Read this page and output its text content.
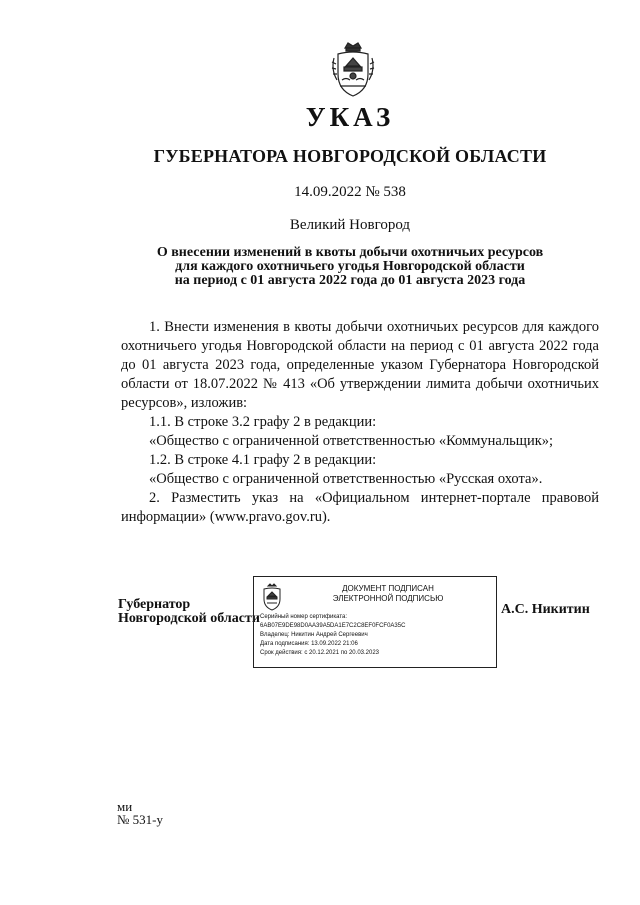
УКАЗ
ГУБЕРНАТОРА НОВГОРОДСКОЙ ОБЛАСТИ
14.09.2022 № 538
Великий Новгород
О внесении изменений в квоты добычи охотничьих ресурсов
для каждого охотничьего угодья Новгородской области
на период с 01 августа 2022 года до 01 августа 2023 года

1. Внести изменения в квоты добычи охотничьих ресурсов для каждого охотничьего угодья Новгородской области на период с 01 августа 2022 года до 01 августа 2023 года, определенные указом Губернатора Новгородской области от 18.07.2022 № 413 «Об утверждении лимита добычи охотничьих ресурсов», изложив:

1.1. В строке 3.2 графу 2 в редакции:

«Общество с ограниченной ответственностью «Коммунальщик»;

1.2. В строке 4.1 графу 2 в редакции:

«Общество с ограниченной ответственностью «Русская охота».

2. Разместить указ на «Официальном интернет-портале правовой информации» (www.pravo.gov.ru).

Губернатор
Новгородской области
ДОКУМЕНТ ПОДПИСАН
ЭЛЕКТРОННОЙ ПОДПИСЬЮ
Серийный номер сертификата:
6AB07E9DE98D0AA39A5DA1E7C2C8EF0FCF0A35C
Владелец: Никитин Андрей Сергеевич
Дата подписания: 13.09.2022 21:06
Срок действия: с 20.12.2021 по 20.03.2023
А.С. Никитин
ми
№ 531-у
